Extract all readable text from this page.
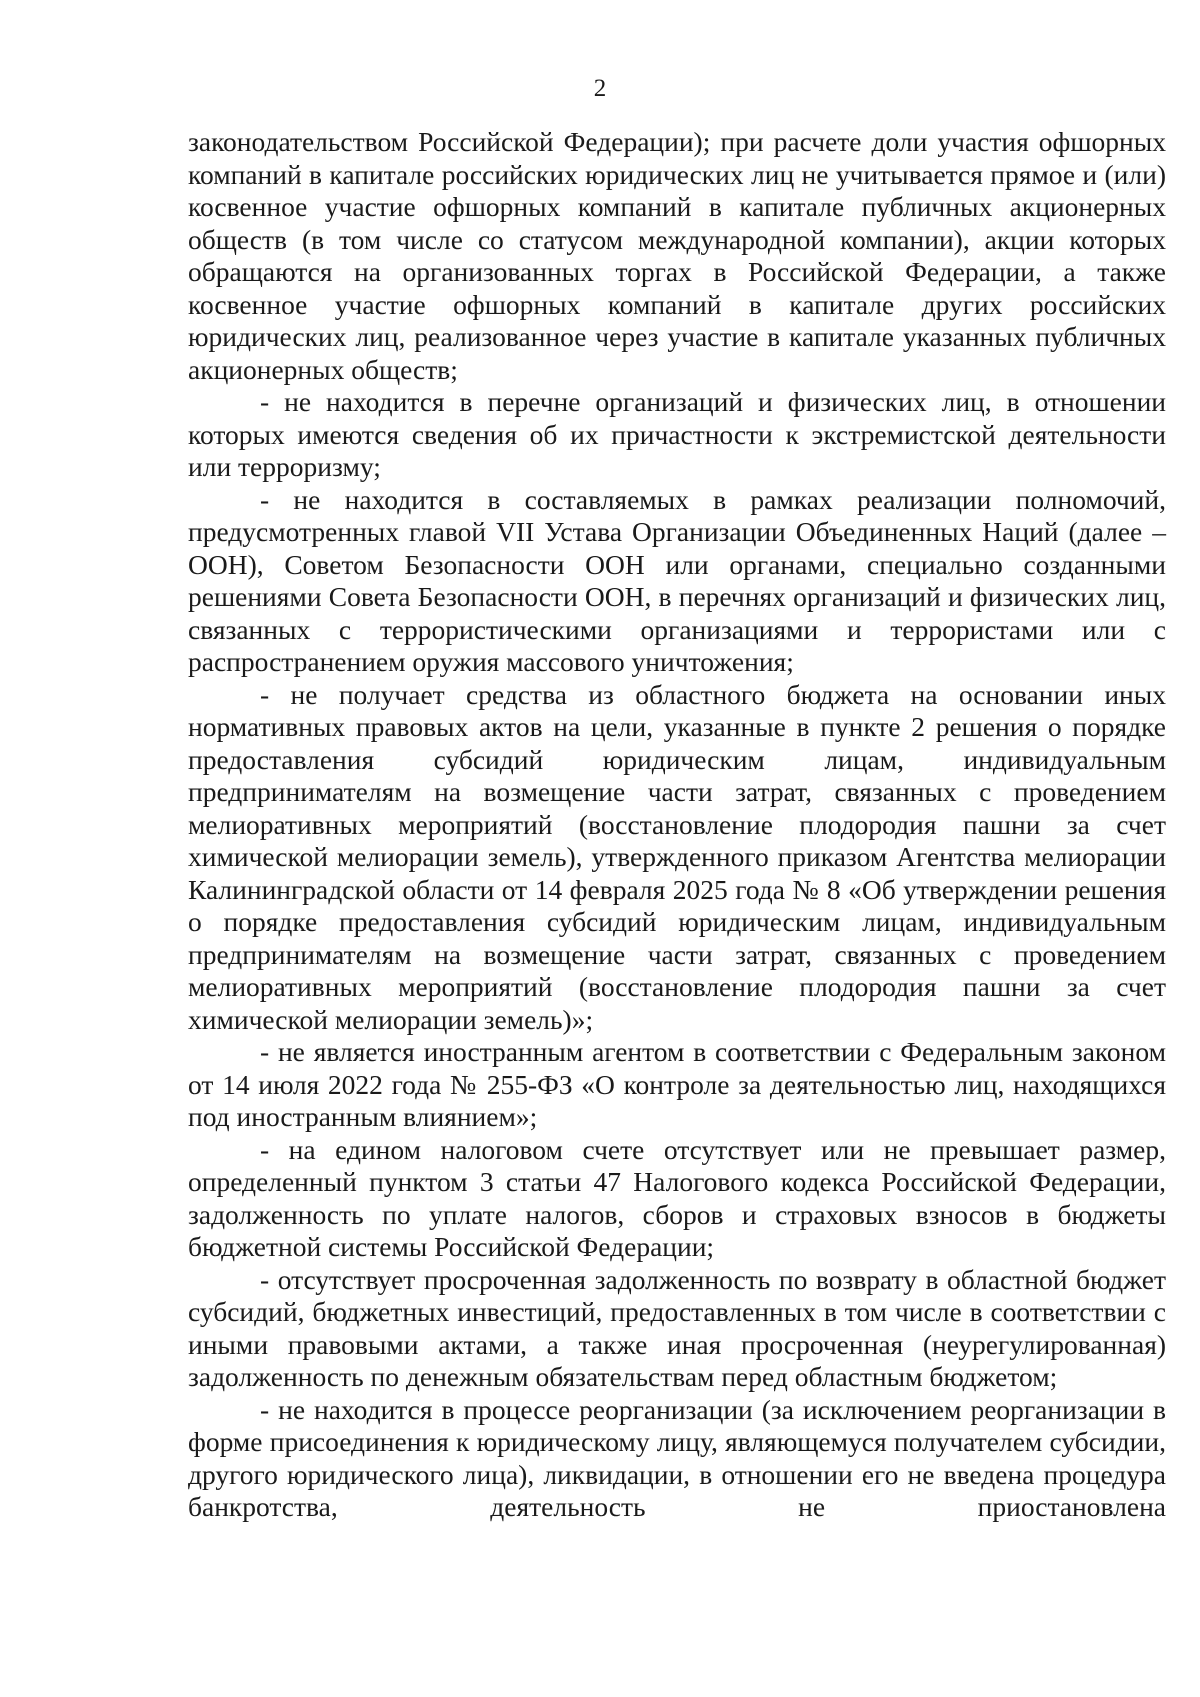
2

законодательством Российской Федерации); при расчете доли участия офшорных компаний в капитале российских юридических лиц не учитывается прямое и (или) косвенное участие офшорных компаний в капитале публичных акционерных обществ (в том числе со статусом международной компании), акции которых обращаются на организованных торгах в Российской Федерации, а также косвенное участие офшорных компаний в капитале других российских юридических лиц, реализованное через участие в капитале указанных публичных акционерных обществ;

- не находится в перечне организаций и физических лиц, в отношении которых имеются сведения об их причастности к экстремистской деятельности или терроризму;

- не находится в составляемых в рамках реализации полномочий, предусмотренных главой VII Устава Организации Объединенных Наций (далее – ООН), Советом Безопасности ООН или органами, специально созданными решениями Совета Безопасности ООН, в перечнях организаций и физических лиц, связанных с террористическими организациями и террористами или с распространением оружия массового уничтожения;

- не получает средства из областного бюджета на основании иных нормативных правовых актов на цели, указанные в пункте 2 решения о порядке предоставления субсидий юридическим лицам, индивидуальным предпринимателям на возмещение части затрат, связанных с проведением мелиоративных мероприятий (восстановление плодородия пашни за счет химической мелиорации земель), утвержденного приказом Агентства мелиорации Калининградской области от 14 февраля 2025 года № 8 «Об утверждении решения о порядке предоставления субсидий юридическим лицам, индивидуальным предпринимателям на возмещение части затрат, связанных с проведением мелиоративных мероприятий (восстановление плодородия пашни за счет химической мелиорации земель)»;

- не является иностранным агентом в соответствии с Федеральным законом от 14 июля 2022 года № 255-ФЗ «О контроле за деятельностью лиц, находящихся под иностранным влиянием»;

- на едином налоговом счете отсутствует или не превышает размер, определенный пунктом 3 статьи 47 Налогового кодекса Российской Федерации, задолженность по уплате налогов, сборов и страховых взносов в бюджеты бюджетной системы Российской Федерации;

- отсутствует просроченная задолженность по возврату в областной бюджет субсидий, бюджетных инвестиций, предоставленных в том числе в соответствии с иными правовыми актами, а также иная просроченная (неурегулированная) задолженность по денежным обязательствам перед областным бюджетом;

- не находится в процессе реорганизации (за исключением реорганизации в форме присоединения к юридическому лицу, являющемуся получателем субсидии, другого юридического лица), ликвидации, в отношении его не введена процедура банкротства, деятельность не приостановлена
